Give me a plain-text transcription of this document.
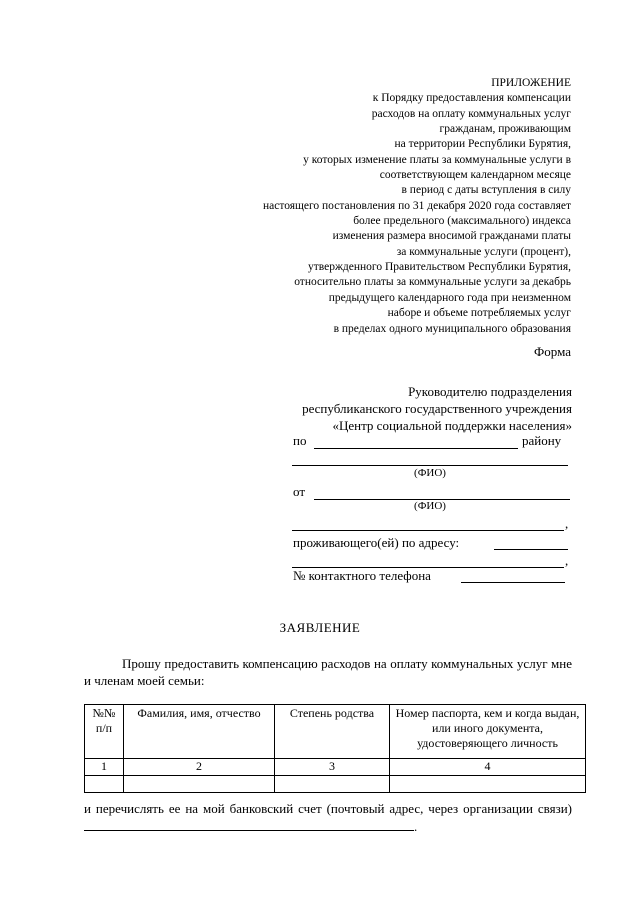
ПРИЛОЖЕНИЕ
к Порядку предоставления компенсации
расходов на оплату коммунальных услуг
гражданам, проживающим
на территории Республики Бурятия,
у которых изменение платы за коммунальные услуги в
соответствующем календарном месяце
в период с даты вступления в силу
настоящего постановления по 31 декабря 2020 года составляет
более предельного (максимального) индекса
изменения размера вносимой гражданами платы
за коммунальные услуги (процент),
утвержденного Правительством Республики Бурятия,
относительно платы за коммунальные услуги за декабрь
предыдущего календарного года при неизменном
наборе и объеме потребляемых услуг
в пределах одного муниципального образования
Форма
Руководителю подразделения
республиканского государственного учреждения
«Центр социальной поддержки населения»
по	району
(ФИО)
от
(ФИО)
,
проживающего(ей) по адресу:
,
№ контактного телефона
ЗАЯВЛЕНИЕ
Прошу предоставить компенсацию расходов на оплату коммунальных услуг мне и членам моей семьи:
№№ п/п	Фамилия, имя, отчество	Степень родства	Номер паспорта, кем и когда выдан, или иного документа, удостоверяющего личность
1	2	3	4

и перечислять ее на мой банковский счет (почтовый адрес, через организации связи) .
